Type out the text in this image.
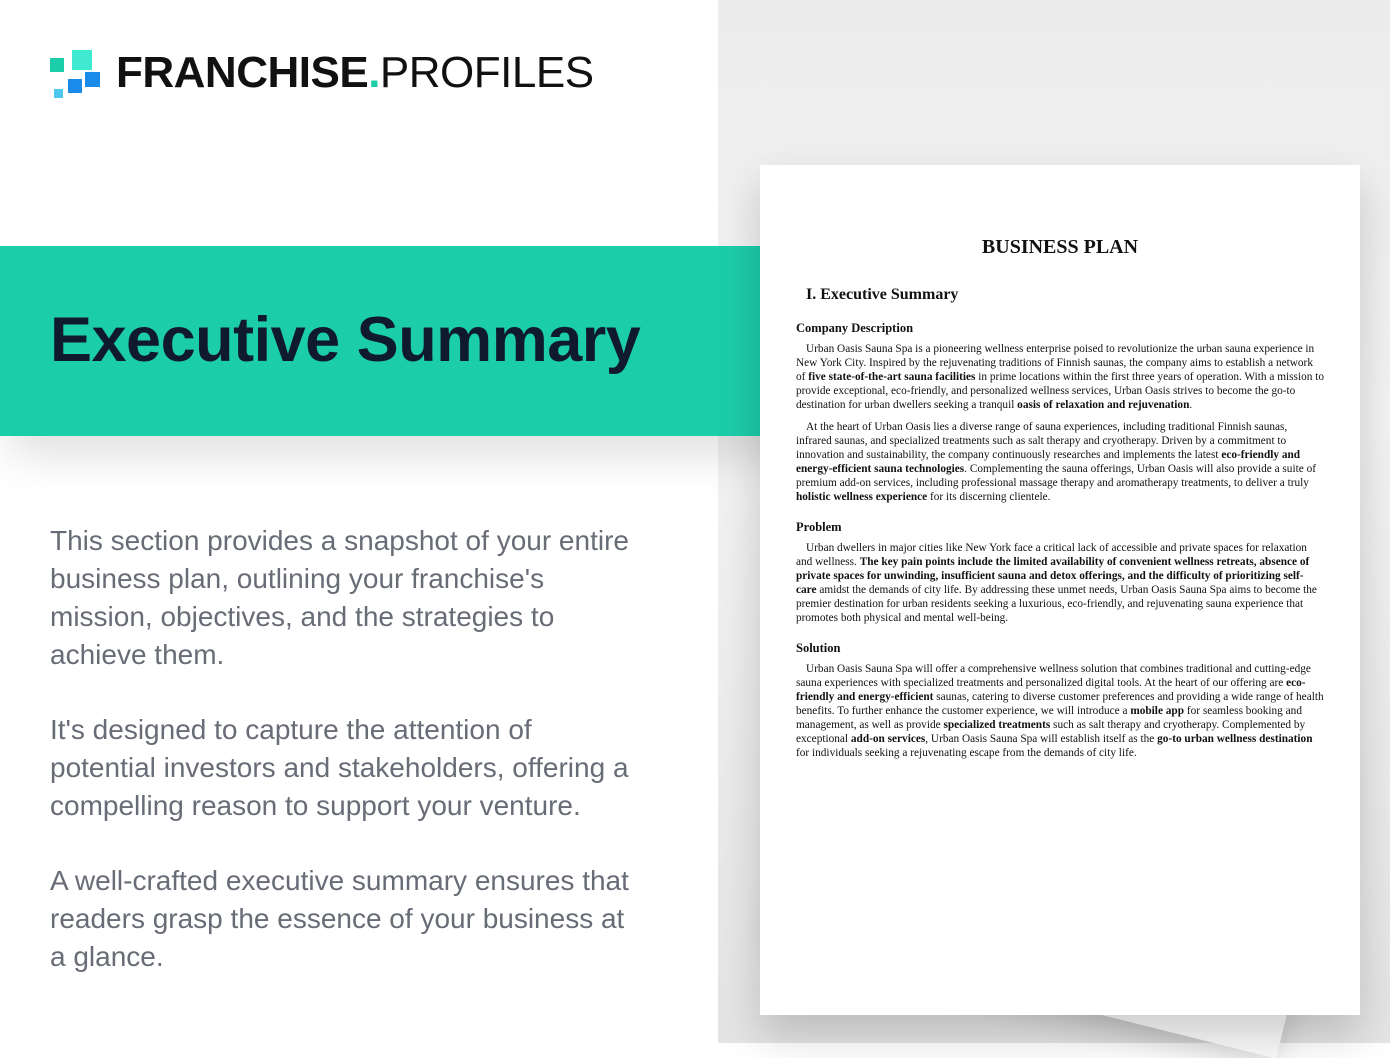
FRANCHISE.PROFILES
Executive Summary

This section provides a snapshot of your entire business plan, outlining your franchise's mission, objectives, and the strategies to achieve them.

It's designed to capture the attention of potential investors and stakeholders, offering a compelling reason to support your venture.

A well-crafted executive summary ensures that readers grasp the essence of your business at a glance.

BUSINESS PLAN
I. Executive Summary
Company Description

Urban Oasis Sauna Spa is a pioneering wellness enterprise poised to revolutionize the urban sauna experience in New York City. Inspired by the rejuvenating traditions of Finnish saunas, the company aims to establish a network of five state-of-the-art sauna facilities in prime locations within the first three years of operation. With a mission to provide exceptional, eco-friendly, and personalized wellness services, Urban Oasis strives to become the go-to destination for urban dwellers seeking a tranquil oasis of relaxation and rejuvenation.

At the heart of Urban Oasis lies a diverse range of sauna experiences, including traditional Finnish saunas, infrared saunas, and specialized treatments such as salt therapy and cryotherapy. Driven by a commitment to innovation and sustainability, the company continuously researches and implements the latest eco-friendly and energy-efficient sauna technologies. Complementing the sauna offerings, Urban Oasis will also provide a suite of premium add-on services, including professional massage therapy and aromatherapy treatments, to deliver a truly holistic wellness experience for its discerning clientele.

Problem

Urban dwellers in major cities like New York face a critical lack of accessible and private spaces for relaxation and wellness. The key pain points include the limited availability of convenient wellness retreats, absence of private spaces for unwinding, insufficient sauna and detox offerings, and the difficulty of prioritizing self-care amidst the demands of city life. By addressing these unmet needs, Urban Oasis Sauna Spa aims to become the premier destination for urban residents seeking a luxurious, eco-friendly, and rejuvenating sauna experience that promotes both physical and mental well-being.

Solution

Urban Oasis Sauna Spa will offer a comprehensive wellness solution that combines traditional and cutting-edge sauna experiences with specialized treatments and personalized digital tools. At the heart of our offering are eco-friendly and energy-efficient saunas, catering to diverse customer preferences and providing a wide range of health benefits. To further enhance the customer experience, we will introduce a mobile app for seamless booking and management, as well as provide specialized treatments such as salt therapy and cryotherapy. Complemented by exceptional add-on services, Urban Oasis Sauna Spa will establish itself as the go-to urban wellness destination for individuals seeking a rejuvenating escape from the demands of city life.
